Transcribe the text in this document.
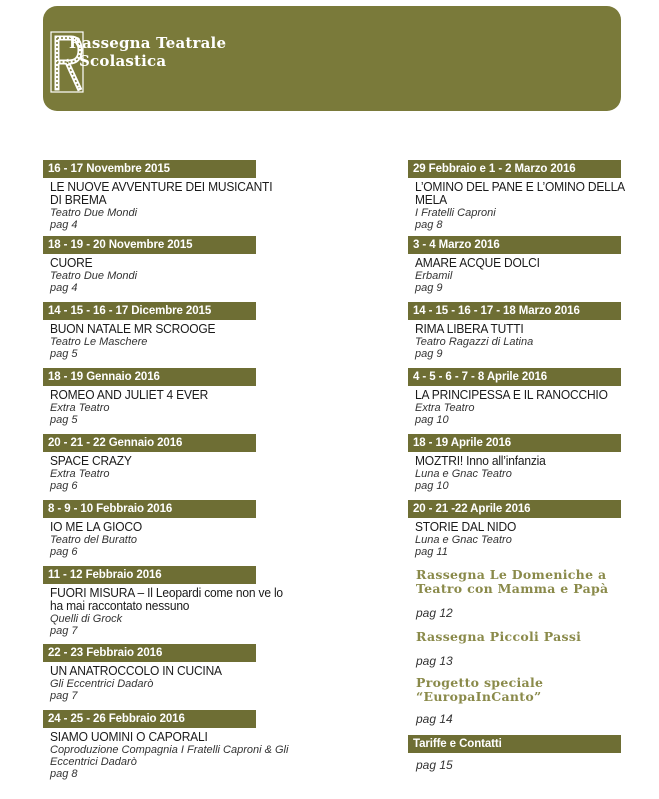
Rassegna Teatrale
Scolastica
16 - 17 Novembre 2015
LE NUOVE AVVENTURE DEI MUSICANTI DI BREMA
Teatro Due Mondi
pag 4
18 - 19 - 20 Novembre 2015
CUORE
Teatro Due Mondi
pag 4
14 - 15 - 16 - 17 Dicembre 2015
BUON NATALE MR SCROOGE
Teatro Le Maschere
pag 5
18 - 19 Gennaio 2016
ROMEO AND JULIET 4 EVER
Extra Teatro
pag 5
20 - 21 - 22 Gennaio 2016
SPACE CRAZY
Extra Teatro
pag 6
8 - 9 - 10 Febbraio 2016
IO ME LA GIOCO
Teatro del Buratto
pag 6
11 - 12 Febbraio 2016
FUORI MISURA – Il Leopardi come non ve lo ha mai raccontato nessuno
Quelli di Grock
pag 7
22 - 23 Febbraio 2016
UN ANATROCCOLO IN CUCINA
Gli Eccentrici Dadarò
pag 7
24 - 25 - 26 Febbraio 2016
SIAMO UOMINI O CAPORALI
Coproduzione Compagnia I Fratelli Caproni & Gli Eccentrici Dadarò
pag 8
29 Febbraio e 1 - 2 Marzo 2016
L’OMINO DEL PANE E L’OMINO DELLA MELA
I Fratelli Caproni
pag 8
3 - 4 Marzo 2016
AMARE ACQUE DOLCI
Erbamil
pag 9
14 - 15 - 16 - 17 - 18 Marzo 2016
RIMA LIBERA TUTTI
Teatro Ragazzi di Latina
pag 9
4 - 5 - 6 - 7 - 8 Aprile 2016
LA PRINCIPESSA E IL RANOCCHIO
Extra Teatro
pag 10
18 - 19 Aprile 2016
MOZTRI! Inno all’infanzia
Luna e Gnac Teatro
pag 10
20 - 21 -22 Aprile 2016
STORIE DAL NIDO
Luna e Gnac Teatro
pag 11
Rassegna Le Domeniche a Teatro con Mamma e Papà
pag 12
Rassegna Piccoli Passi
pag 13
Progetto speciale “EuropaInCanto”
pag 14
Tariffe e Contatti
pag 15
